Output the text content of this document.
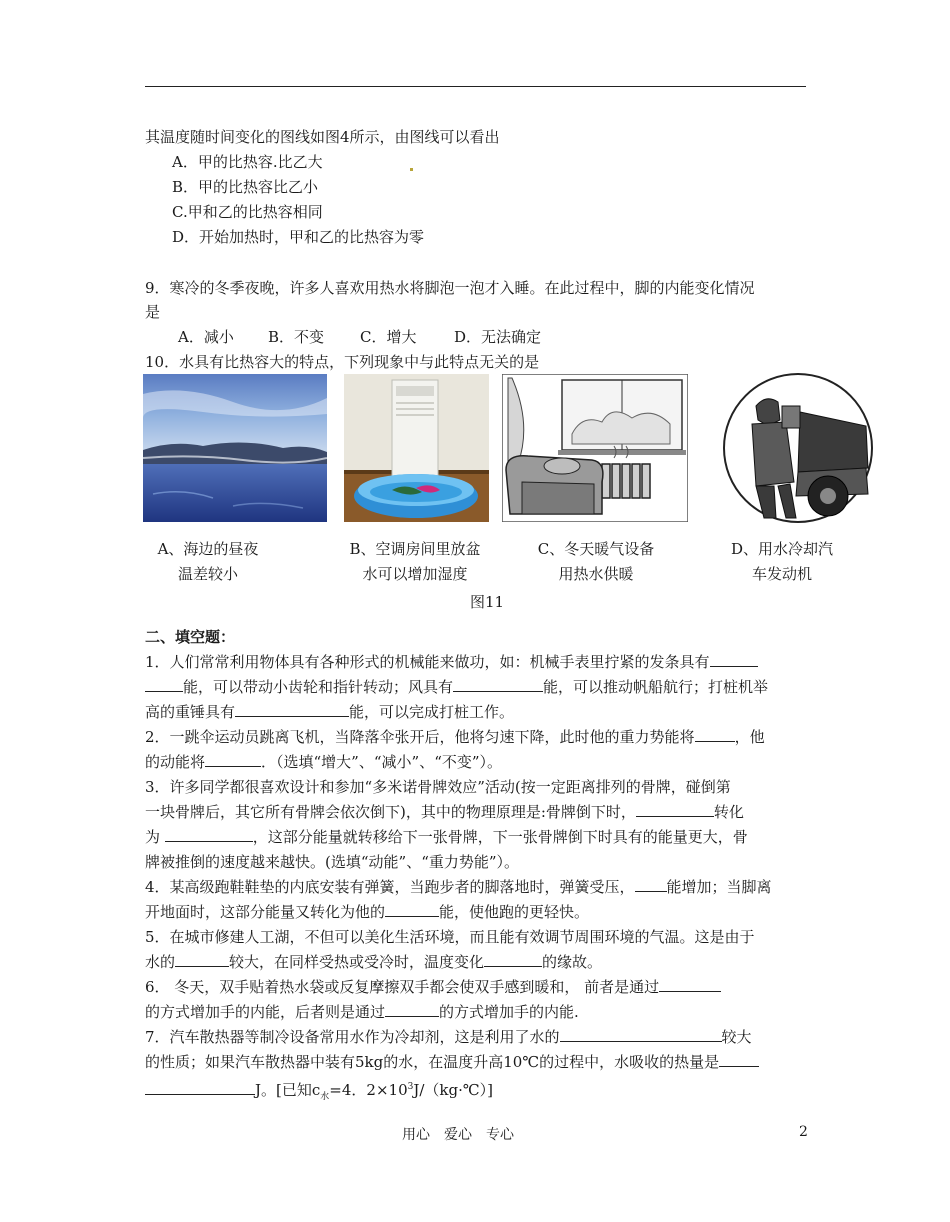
其温度随时间变化的图线如图4所示，由图线可以看出
A．甲的比热容.比乙大
B．甲的比热容比乙小
C.甲和乙的比热容相同
D．开始加热时，甲和乙的比热容为零
9．寒冷的冬季夜晚，许多人喜欢用热水将脚泡一泡才入睡。在此过程中，脚的内能变化情况
是
A．减小 B．不变 C．增大	D．无法确定
10．水具有比热容大的特点，下列现象中与此特点无关的是
A、海边的昼夜
温差较小
B、空调房间里放盆
水可以增加湿度
C、冬天暖气设备
用热水供暖
D、用水冷却汽
车发动机
图11
二、填空题：
1．人们常常利用物体具有各种形式的机械能来做功，如：机械手表里拧紧的发条具有
能，可以带动小齿轮和指针转动；风具有	能，可以推动帆船航行；打桩机举
高的重锤具有	能，可以完成打桩工作。
2．一跳伞运动员跳离飞机，当降落伞张开后，他将匀速下降，此时他的重力势能将	，他
的动能将	．（选填“增大”、“减小”、“不变”）。
3．许多同学都很喜欢设计和参加“多米诺骨牌效应”活动(按一定距离排列的骨牌，碰倒第
一块骨牌后，其它所有骨牌会依次倒下)，其中的物理原理是:骨牌倒下时，	转化
为	，这部分能量就转移给下一张骨牌，下一张骨牌倒下时具有的能量更大，骨
牌被推倒的速度越来越快。(选填“动能”、“重力势能”）。
4．某高级跑鞋鞋垫的内底安装有弹簧，当跑步者的脚落地时，弹簧受压， 能增加；当脚离
开地面时，这部分能量又转化为他的	能，使他跑的更轻快。
5．在城市修建人工湖，不但可以美化生活环境，而且能有效调节周围环境的气温。这是由于
水的	较大，在同样受热或受冷时，温度变化	的缘故。
6． 冬天，双手贴着热水袋或反复摩擦双手都会使双手感到暖和， 前者是通过
的方式增加手的内能，后者则是通过	的方式增加手的内能.
7．汽车散热器等制冷设备常用水作为冷却剂，这是利用了水的	较大
的性质；如果汽车散热器中装有5kg的水，在温度升高10℃的过程中，水吸收的热量是
J。[已知$c_水=4$．$2\times 10^3J/(kg\cdot℃)$]
用心　爱心　专心	2
